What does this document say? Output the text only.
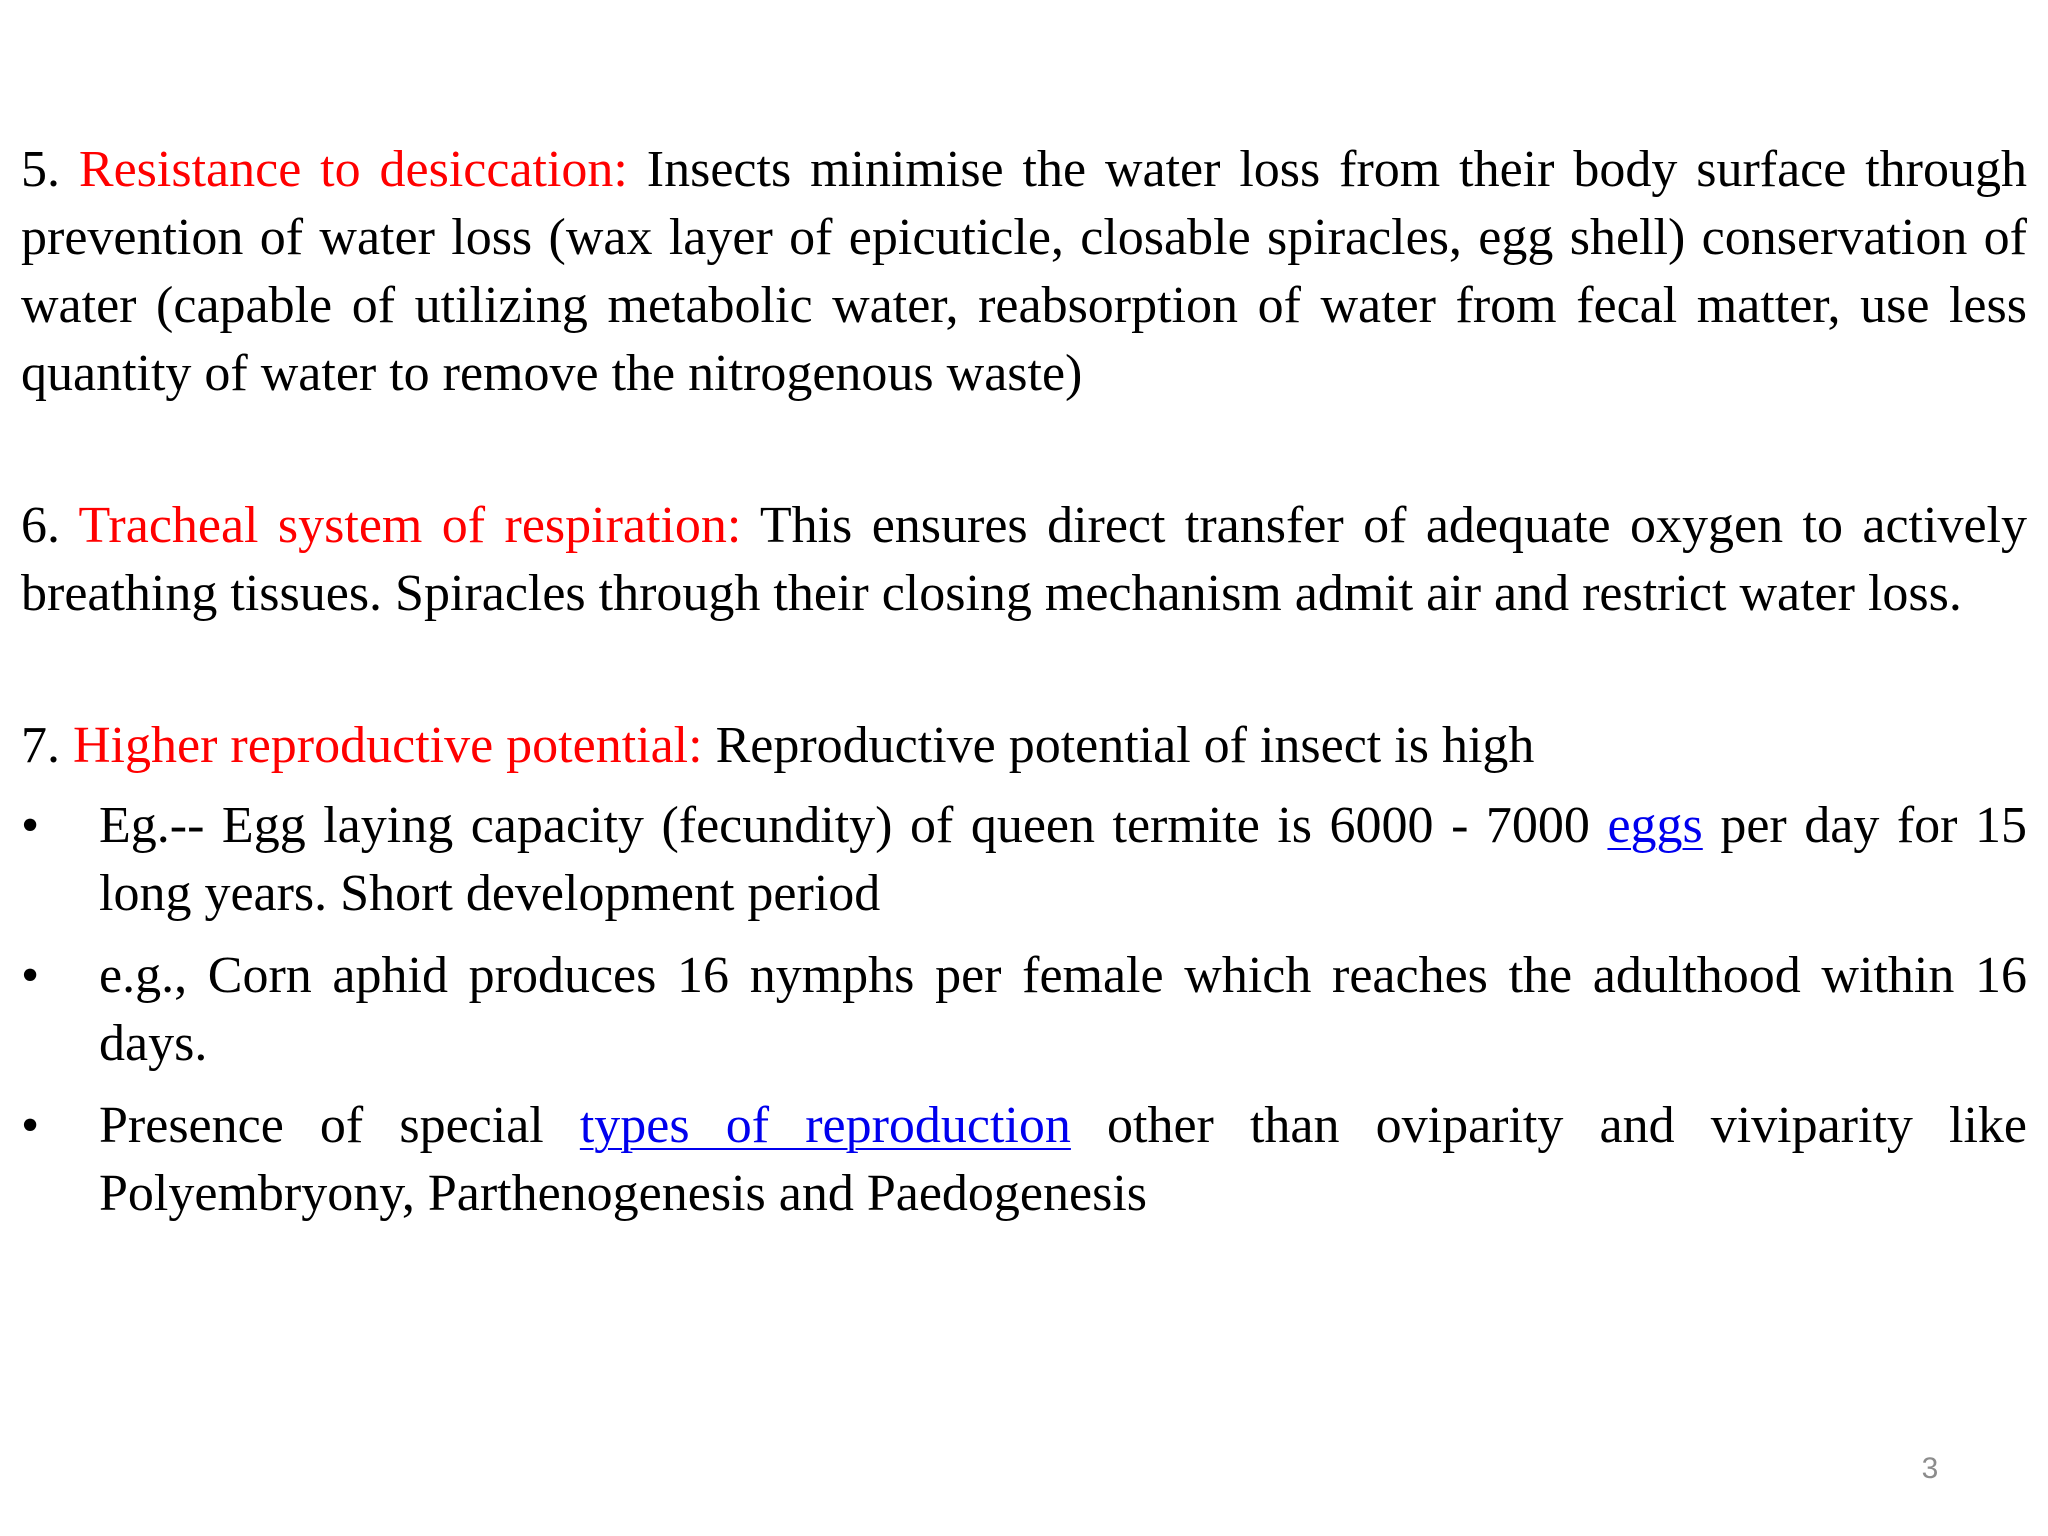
5. Resistance to desiccation: Insects minimise the water loss from their body surface through prevention of water loss (wax layer of epicuticle, closable spiracles, egg shell) conservation of water (capable of utilizing metabolic water, reabsorption of water from fecal matter, use less quantity of water to remove the nitrogenous waste)

6. Tracheal system of respiration: This ensures direct transfer of adequate oxygen to actively breathing tissues. Spiracles through their closing mechanism admit air and restrict water loss.

7. Higher reproductive potential: Reproductive potential of insect is high

•	Eg.-- Egg laying capacity (fecundity) of queen termite is 6000 - 7000 eggs per day for 15 long years. Short development period
•	e.g., Corn aphid produces 16 nymphs per female which reaches the adulthood within 16 days.
•	Presence of special types of reproduction other than oviparity and viviparity like Polyembryony, Parthenogenesis and Paedogenesis
3
